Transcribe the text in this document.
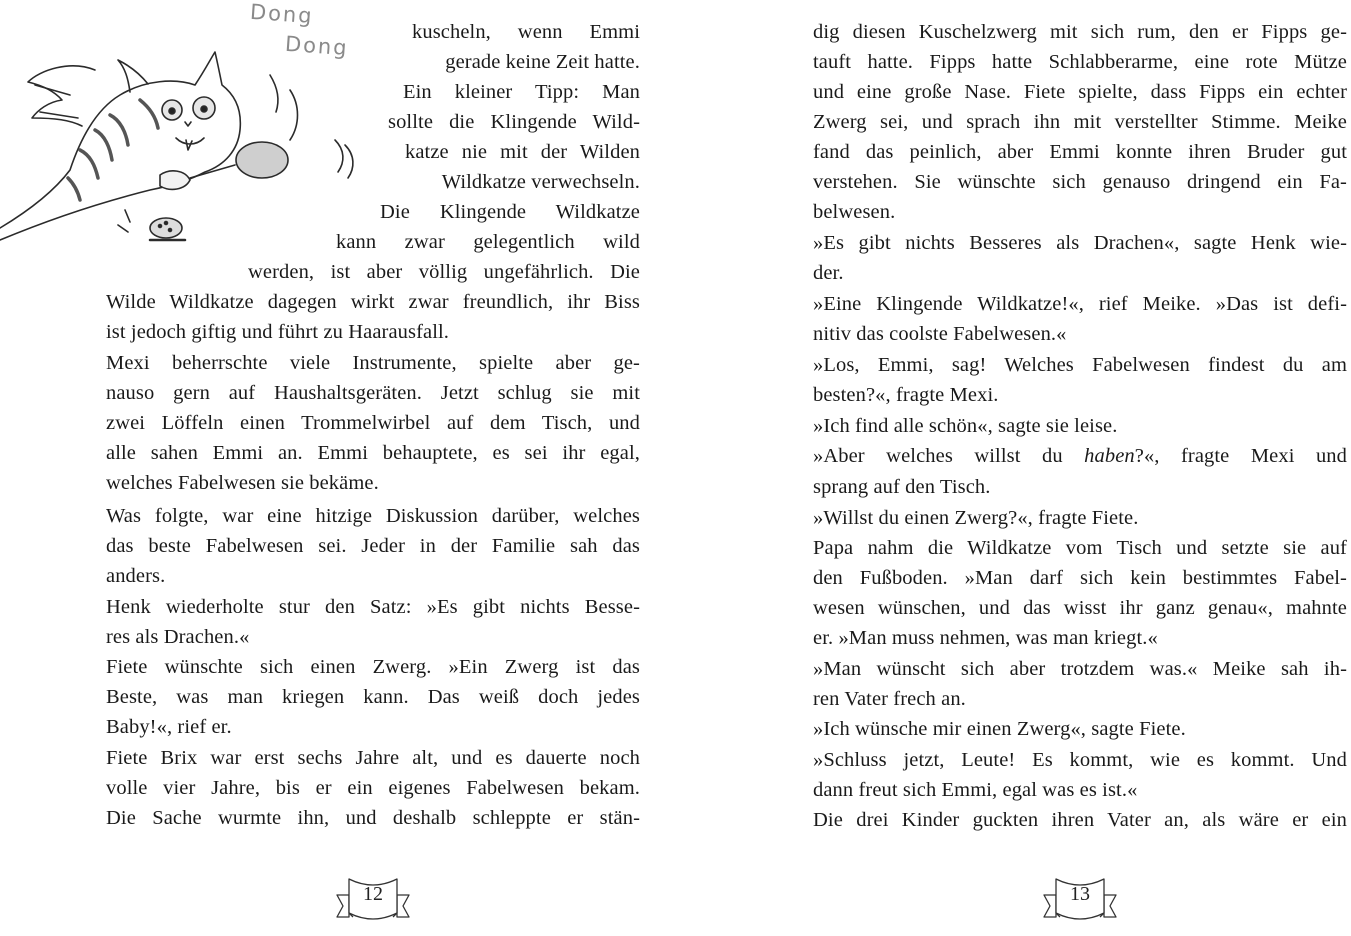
Dong
Dong	kuscheln, wenn Emmi
gerade keine Zeit hatte.
Ein kleiner Tipp: Man
sollte die Klingende Wild-
katze nie mit der Wilden
Wildkatze verwechseln.
Die Klingende Wildkatze
kann zwar gelegentlich wild
werden, ist aber völlig ungefährlich. Die
Wilde Wildkatze dagegen wirkt zwar freundlich, ihr Biss
ist jedoch giftig und führt zu Haarausfall.
Mexi beherrschte viele Instrumente, spielte aber ge-
nauso gern auf Haushaltsgeräten. Jetzt schlug sie mit
zwei Löffeln einen Trommelwirbel auf dem Tisch, und
alle sahen Emmi an. Emmi behauptete, es sei ihr egal,
welches Fabelwesen sie bekäme.
Was folgte, war eine hitzige Diskussion darüber, welches
das beste Fabelwesen sei. Jeder in der Familie sah das
anders.
Henk wiederholte stur den Satz: »Es gibt nichts Besse-
res als Drachen.«
Fiete wünschte sich einen Zwerg. »Ein Zwerg ist das
Beste, was man kriegen kann. Das weiß doch jedes
Baby!«, rief er.
Fiete Brix war erst sechs Jahre alt, und es dauerte noch
volle vier Jahre, bis er ein eigenes Fabelwesen bekam.
Die Sache wurmte ihn, und deshalb schleppte er stän-
12
dig diesen Kuschelzwerg mit sich rum, den er Fipps ge-
tauft hatte. Fipps hatte Schlabberarme, eine rote Mütze
und eine große Nase. Fiete spielte, dass Fipps ein echter
Zwerg sei, und sprach ihn mit verstellter Stimme. Meike
fand das peinlich, aber Emmi konnte ihren Bruder gut
verstehen. Sie wünschte sich genauso dringend ein Fa-
belwesen.
»Es gibt nichts Besseres als Drachen«, sagte Henk wie-
der.
»Eine Klingende Wildkatze!«, rief Meike. »Das ist defi-
nitiv das coolste Fabelwesen.«
»Los, Emmi, sag! Welches Fabelwesen findest du am
besten?«, fragte Mexi.
»Ich find alle schön«, sagte sie leise.
»Aber welches willst du haben?«, fragte Mexi und
sprang auf den Tisch.
»Willst du einen Zwerg?«, fragte Fiete.
Papa nahm die Wildkatze vom Tisch und setzte sie auf
den Fußboden. »Man darf sich kein bestimmtes Fabel-
wesen wünschen, und das wisst ihr ganz genau«, mahnte
er. »Man muss nehmen, was man kriegt.«
»Man wünscht sich aber trotzdem was.« Meike sah ih-
ren Vater frech an.
»Ich wünsche mir einen Zwerg«, sagte Fiete.
»Schluss jetzt, Leute! Es kommt, wie es kommt. Und
dann freut sich Emmi, egal was es ist.«
Die drei Kinder guckten ihren Vater an, als wäre er ein
13
